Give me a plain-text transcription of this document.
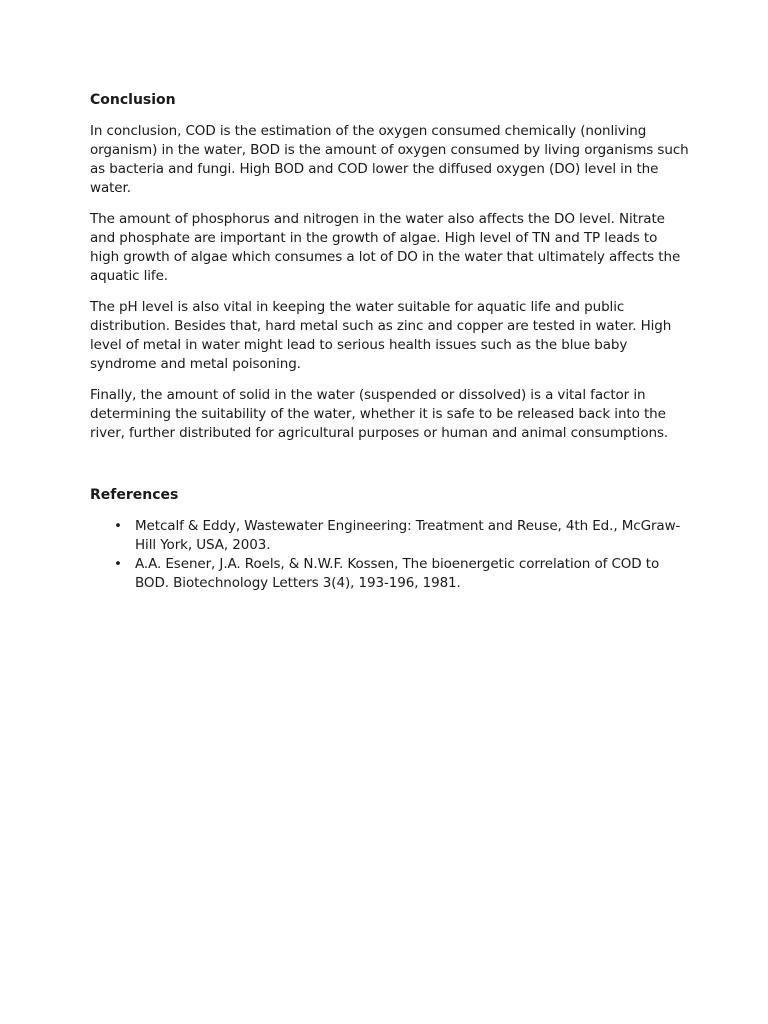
Conclusion

In conclusion, COD is the estimation of the oxygen consumed chemically (nonliving organism) in the water, BOD is the amount of oxygen consumed by living organisms such as bacteria and fungi. High BOD and COD lower the diffused oxygen (DO) level in the water.

The amount of phosphorus and nitrogen in the water also affects the DO level. Nitrate and phosphate are important in the growth of algae. High level of TN and TP leads to high growth of algae which consumes a lot of DO in the water that ultimately affects the aquatic life.

The pH level is also vital in keeping the water suitable for aquatic life and public distribution. Besides that, hard metal such as zinc and copper are tested in water. High level of metal in water might lead to serious health issues such as the blue baby syndrome and metal poisoning.

Finally, the amount of solid in the water (suspended or dissolved) is a vital factor in determining the suitability of the water, whether it is safe to be released back into the river, further distributed for agricultural purposes or human and animal consumptions.

References
• Metcalf & Eddy, Wastewater Engineering: Treatment and Reuse, 4th Ed., McGraw-Hill York, USA, 2003.
• A.A. Esener, J.A. Roels, & N.W.F. Kossen, The bioenergetic correlation of COD to BOD. Biotechnology Letters 3(4), 193-196, 1981.
